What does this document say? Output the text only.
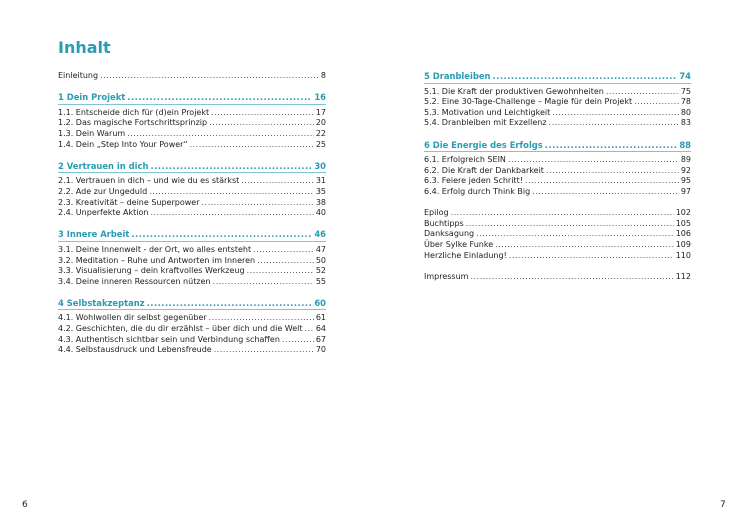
Inhalt
Einleitung .....	8
1 Dein Projekt .....	16
1.1. Entscheide dich für (d)ein Projekt .....	17
1.2. Das magische Fortschrittsprinzip .....	20
1.3. Dein Warum .....	22
1.4. Dein „Step Into Your Power“ .....	25
2 Vertrauen in dich .....	30
2.1. Vertrauen in dich – und wie du es stärkst .....	31
2.2. Ade zur Ungeduld .....	35
2.3. Kreativität – deine Superpower .....	38
2.4. Unperfekte Aktion .....	40
3 Innere Arbeit .....	46
3.1. Deine Innenwelt - der Ort, wo alles entsteht .....	47
3.2. Meditation – Ruhe und Antworten im Inneren .....	50
3.3. Visualisierung – dein kraftvolles Werkzeug .....	52
3.4. Deine inneren Ressourcen nützen .....	55
4 Selbstakzeptanz .....	60
4.1. Wohlwollen dir selbst gegenüber .....	61
4.2. Geschichten, die du dir erzählst – über dich und die Welt ..... 64
4.3. Authentisch sichtbar sein und Verbindung schaffen .....	67
4.4. Selbstausdruck und Lebensfreude .....	70
5 Dranbleiben .....	74
5.1. Die Kraft der produktiven Gewohnheiten .....	75
5.2. Eine 30-Tage-Challenge – Magie für dein Projekt .....	78
5.3. Motivation und Leichtigkeit .....	80
5.4. Dranbleiben mit Exzellenz .....	83
6 Die Energie des Erfolgs .....	88
6.1. Erfolgreich SEIN .....	89
6.2. Die Kraft der Dankbarkeit .....	92
6.3. Feiere jeden Schritt! .....	95
6.4. Erfolg durch Think Big .....	97
Epilog .....	102
Buchtipps .....	105
Danksagung .....	106
Über Sylke Funke .....	109
Herzliche Einladung! .....	110
Impressum .....	112
6	7
